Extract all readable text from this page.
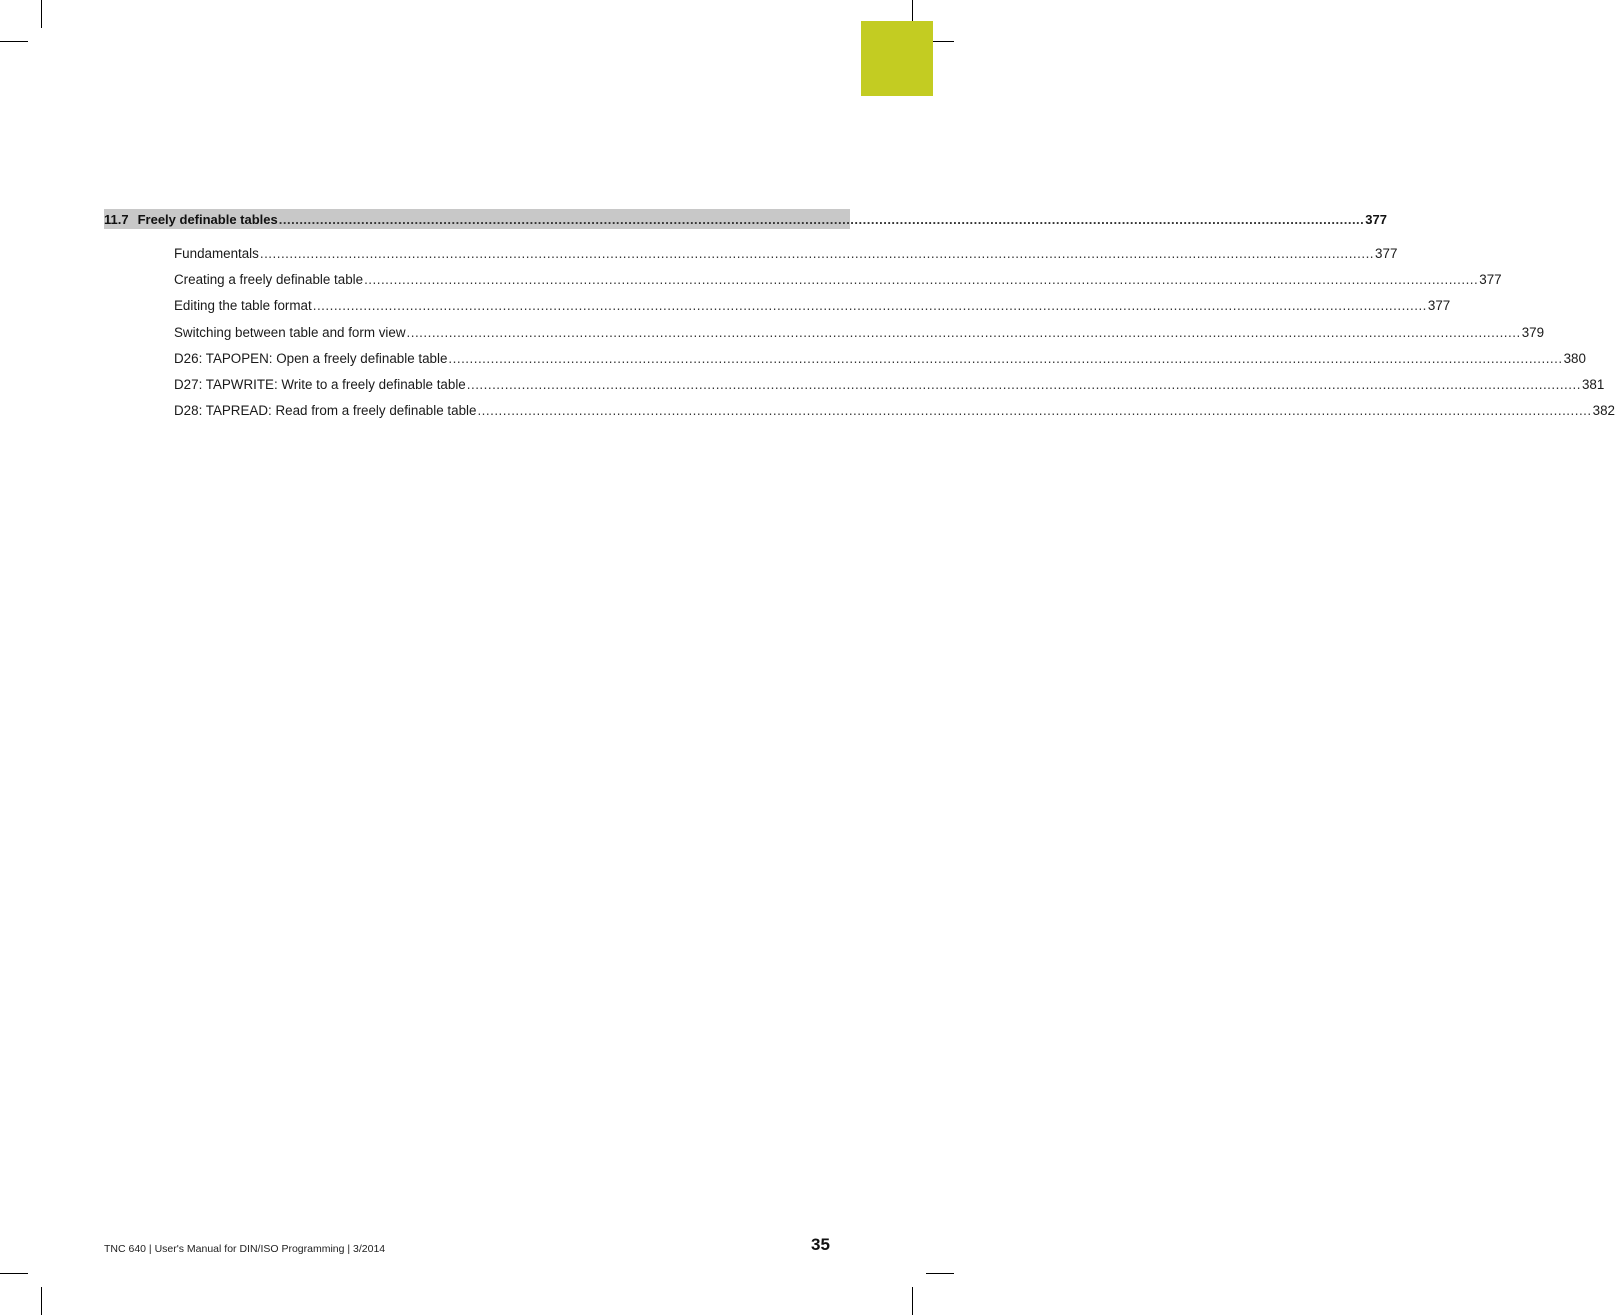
11.7 Freely definable tables .....	377
Fundamentals .....	377
Creating a freely definable table .....	377
Editing the table format .....	377
Switching between table and form view .....	379
D26: TAPOPEN: Open a freely definable table .....	380
D27: TAPWRITE: Write to a freely definable table .....	381
D28: TAPREAD: Read from a freely definable table .....	382
TNC 640 | User's Manual for DIN/ISO Programming | 3/2014	35
